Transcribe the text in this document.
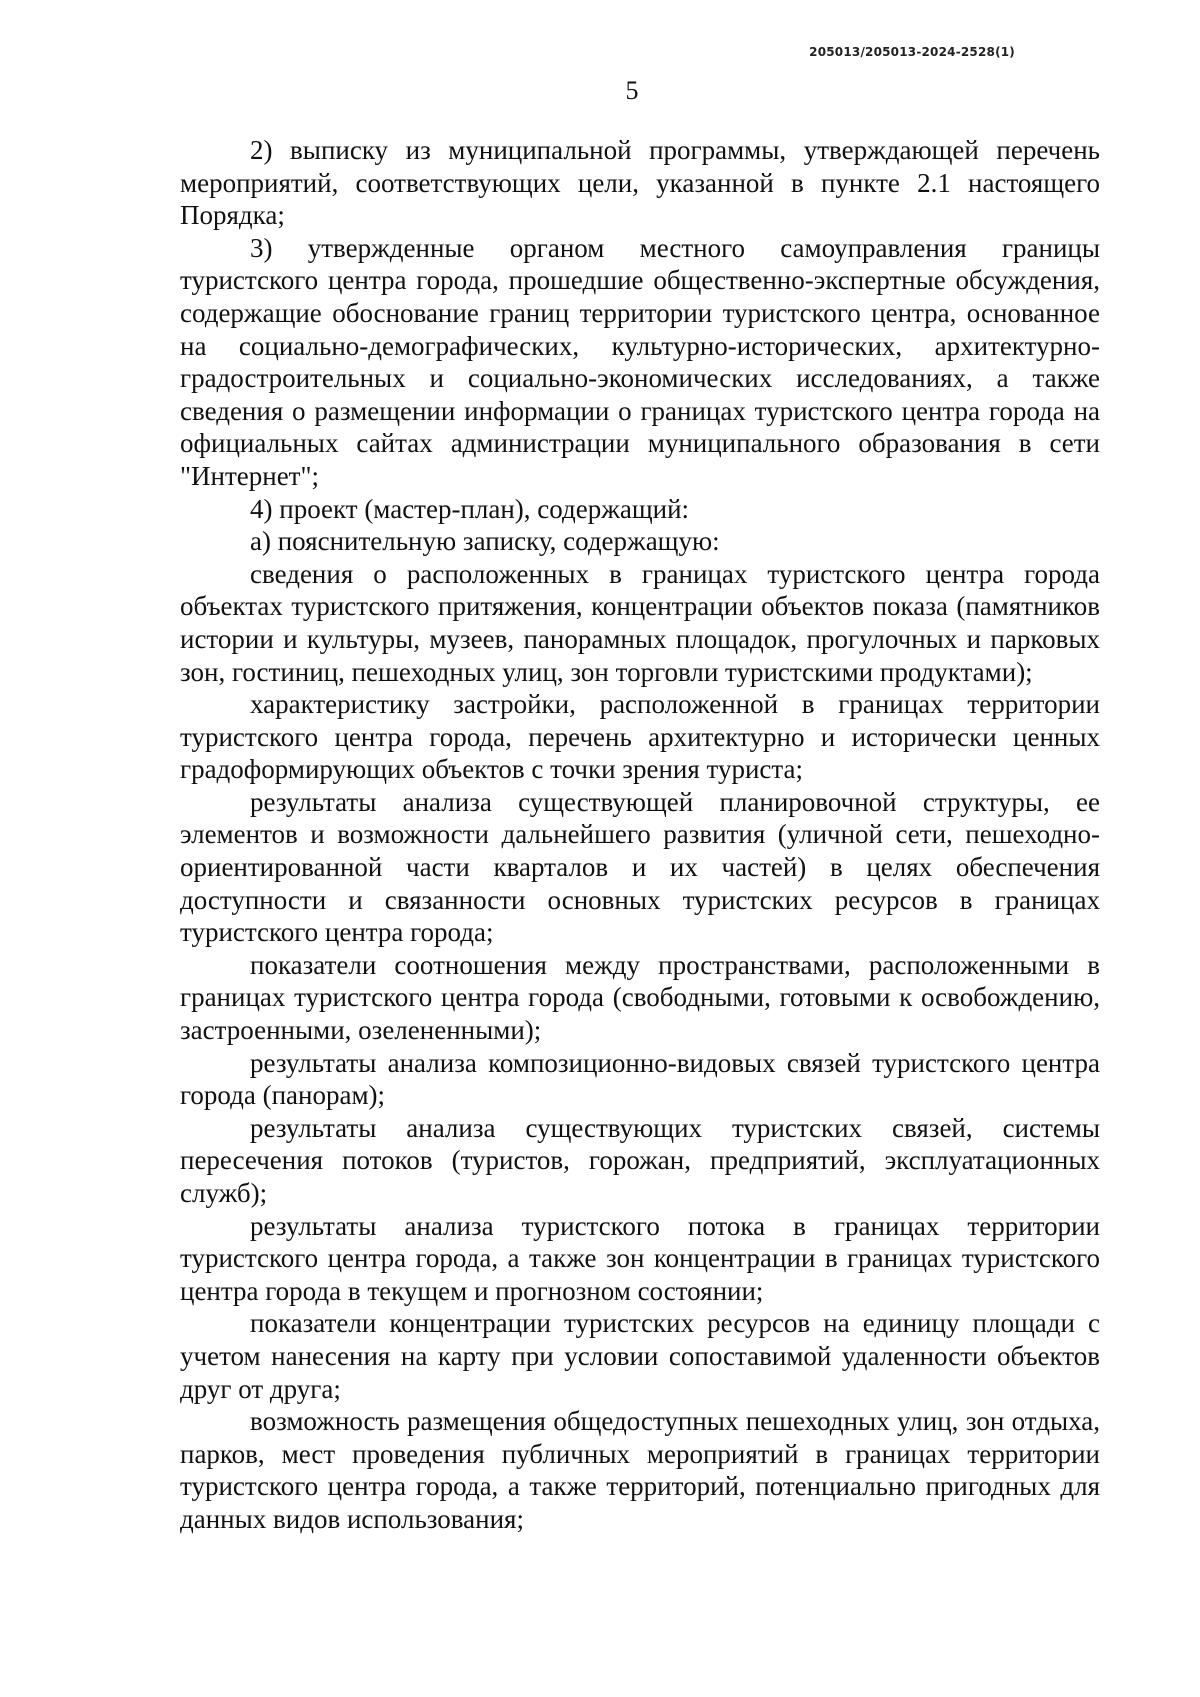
205013/205013-2024-2528(1)
5

2) выписку из муниципальной программы, утверждающей перечень мероприятий, соответствующих цели, указанной в пункте 2.1 настоящего Порядка;

3) утвержденные органом местного самоуправления границы туристского центра города, прошедшие общественно-экспертные обсуждения, содержащие обоснование границ территории туристского центра, основанное на социально-демографических, культурно-исторических, архитектурно-градостроительных и социально-экономических исследованиях, а также сведения о размещении информации о границах туристского центра города на официальных сайтах администрации муниципального образования в сети "Интернет";

4) проект (мастер-план), содержащий:

а) пояснительную записку, содержащую:

сведения о расположенных в границах туристского центра города объектах туристского притяжения, концентрации объектов показа (памятников истории и культуры, музеев, панорамных площадок, прогулочных и парковых зон, гостиниц, пешеходных улиц, зон торговли туристскими продуктами);

характеристику застройки, расположенной в границах территории туристского центра города, перечень архитектурно и исторически ценных градоформирующих объектов с точки зрения туриста;

результаты анализа существующей планировочной структуры, ее элементов и возможности дальнейшего развития (уличной сети, пешеходно-ориентированной части кварталов и их частей) в целях обеспечения доступности и связанности основных туристских ресурсов в границах туристского центра города;

показатели соотношения между пространствами, расположенными в границах туристского центра города (свободными, готовыми к освобождению, застроенными, озелененными);

результаты анализа композиционно-видовых связей туристского центра города (панорам);

результаты анализа существующих туристских связей, системы пересечения потоков (туристов, горожан, предприятий, эксплуатационных служб);

результаты анализа туристского потока в границах территории туристского центра города, а также зон концентрации в границах туристского центра города в текущем и прогнозном состоянии;

показатели концентрации туристских ресурсов на единицу площади с учетом нанесения на карту при условии сопоставимой удаленности объектов друг от друга;

возможность размещения общедоступных пешеходных улиц, зон отдыха, парков, мест проведения публичных мероприятий в границах территории туристского центра города, а также территорий, потенциально пригодных для данных видов использования;
